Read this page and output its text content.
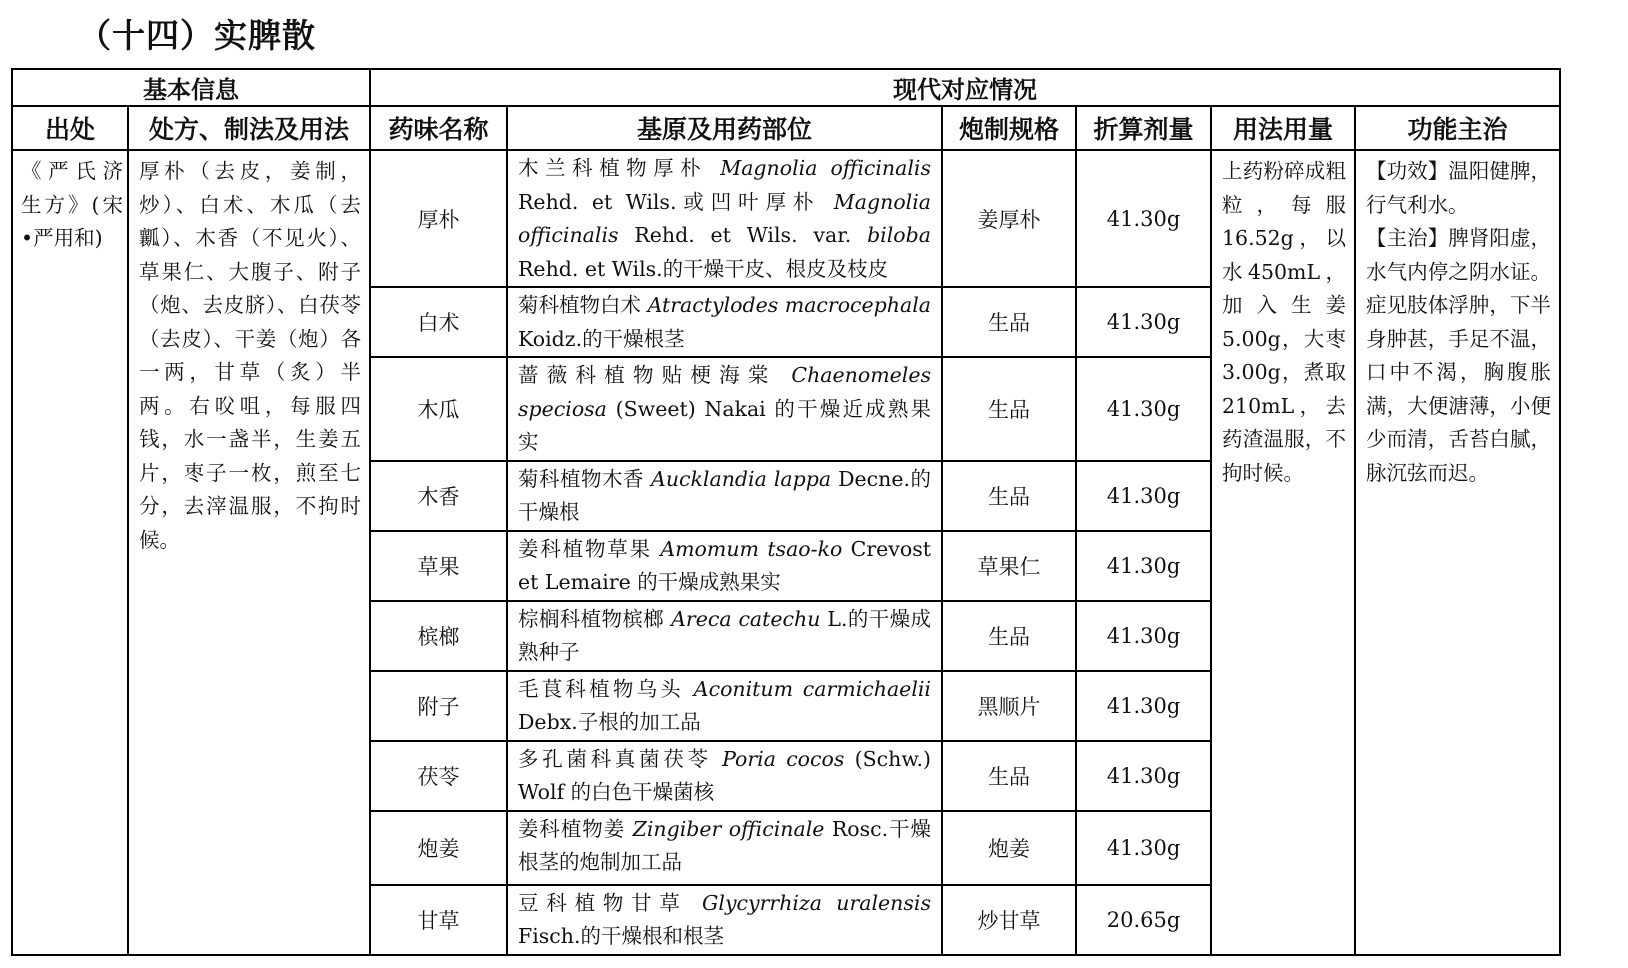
（十四）实脾散
基本信息		现代对应情况					
出处	处方、制法及用法	药味名称	基原及用药部位	炮制规格	折算剂量	用法用量	功能主治
《严氏济生方》(宋•严用和)	厚朴（去皮，姜制，炒）、白术、木瓜（去瓤）、木香（不见火）、草果仁、大腹子、附子（炮、去皮脐）、白茯苓（去皮）、干姜（炮）各一两，甘草（炙）半两。右㕮咀，每服四钱，水一盏半，生姜五片，枣子一枚，煎至七分，去滓温服，不拘时候。	厚朴	木兰科植物厚朴 Magnolia officinalis Rehd. et Wils.或凹叶厚朴 Magnolia officinalis Rehd. et Wils. var. biloba Rehd. et Wils.的干燥干皮、根皮及枝皮	姜厚朴	41.30g	上药粉碎成粗粒，每服16.52g，以水450mL，加入生姜5.00g，大枣3.00g，煮取210mL，去药渣温服，不拘时候。	【功效】温阳健脾，行气利水。
【主治】脾肾阳虚，水气内停之阴水证。症见肢体浮肿，下半身肿甚，手足不温，口中不渴，胸腹胀满，大便溏薄，小便少而清，舌苔白腻，脉沉弦而迟。
		白术	菊科植物白术 Atractylodes macrocephala Koidz.的干燥根茎	生品	41.30g		
		木瓜	蔷薇科植物贴梗海棠 Chaenomeles speciosa (Sweet) Nakai 的干燥近成熟果实	生品	41.30g		
		木香	菊科植物木香 Aucklandia lappa Decne.的干燥根	生品	41.30g		
		草果	姜科植物草果 Amomum tsao-ko Crevost et Lemaire 的干燥成熟果实	草果仁	41.30g		
		槟榔	棕榈科植物槟榔 Areca catechu L.的干燥成熟种子	生品	41.30g		
		附子	毛茛科植物乌头 Aconitum carmichaelii Debx.子根的加工品	黑顺片	41.30g		
		茯苓	多孔菌科真菌茯苓 Poria cocos (Schw.) Wolf 的白色干燥菌核	生品	41.30g		
		炮姜	姜科植物姜 Zingiber officinale Rosc.干燥根茎的炮制加工品	炮姜	41.30g		
		甘草	豆科植物甘草 Glycyrrhiza uralensis Fisch.的干燥根和根茎	炒甘草	20.65g		
